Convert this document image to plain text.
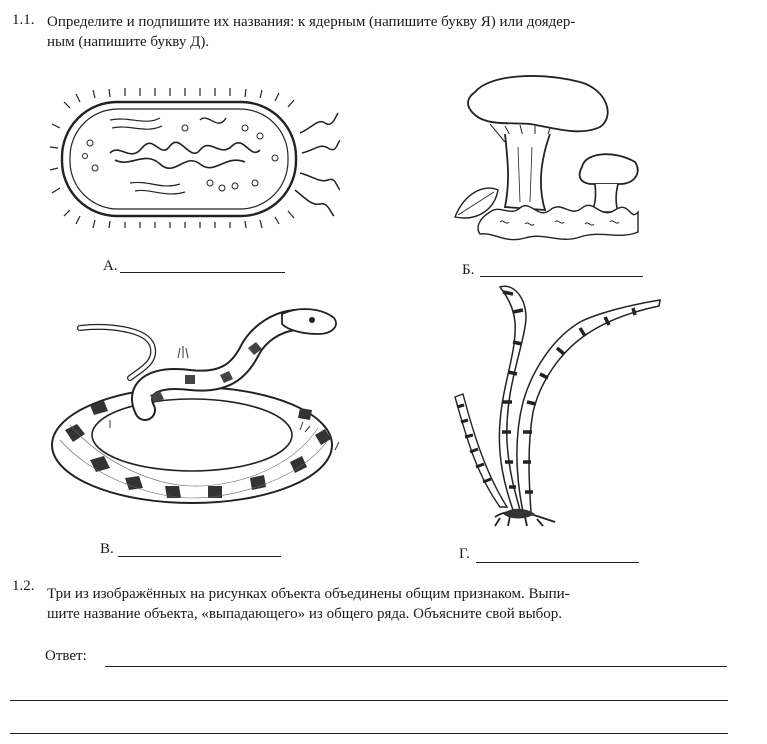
1.1. Определите и подпишите их названия: к ядерным (напишите букву Я) или доядер-
ным (напишите букву Д).
А.	Б.
В.	Г.
1.2. Три из изображённых на рисунках объекта объединены общим признаком. Выпи-
шите название объекта, «выпадающего» из общего ряда. Объясните свой выбор.
Ответ:
